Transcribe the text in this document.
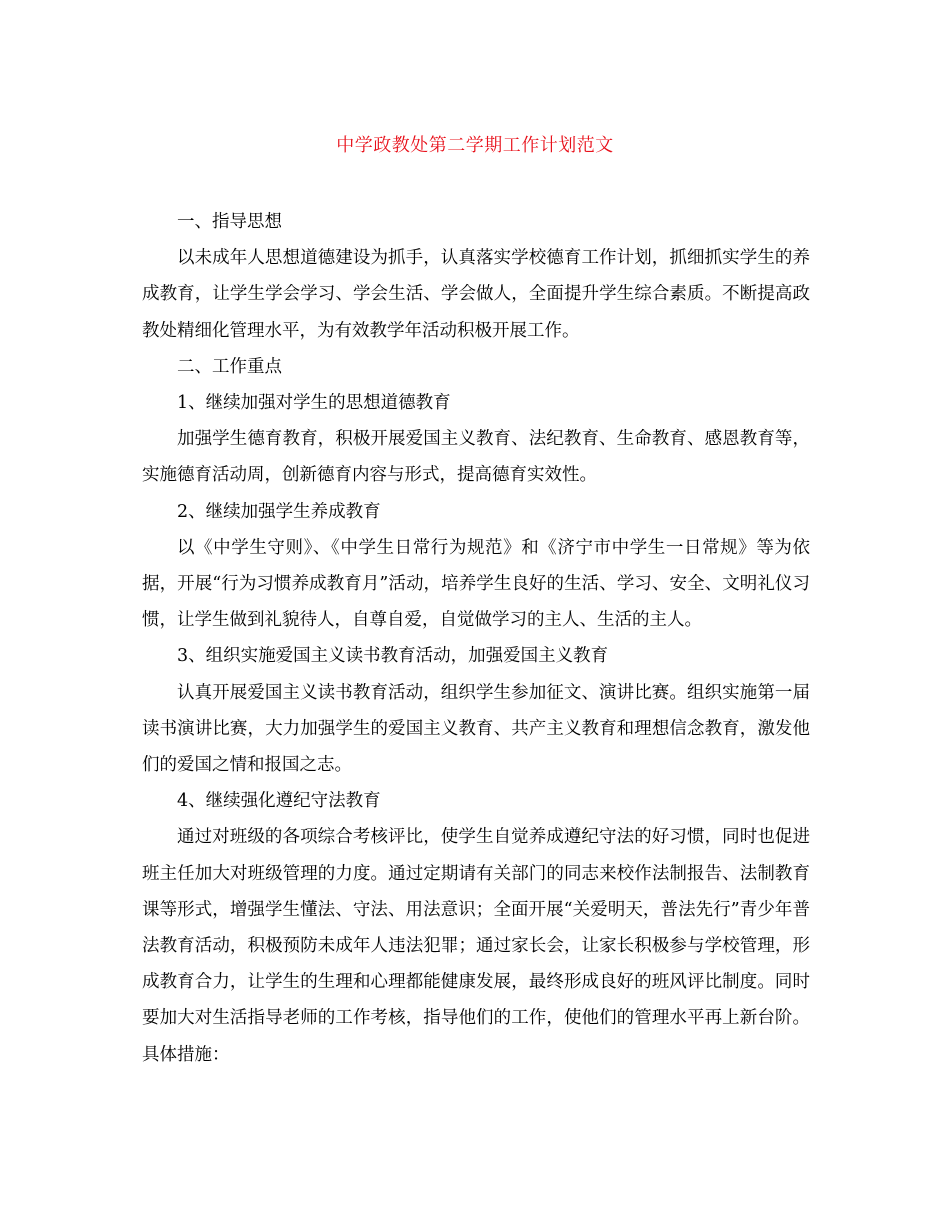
中学政教处第二学期工作计划范文

一、指导思想

以未成年人思想道德建设为抓手，认真落实学校德育工作计划，抓细抓实学生的养成教育，让学生学会学习、学会生活、学会做人，全面提升学生综合素质。不断提高政教处精细化管理水平，为有效教学年活动积极开展工作。

二、工作重点

1、继续加强对学生的思想道德教育

加强学生德育教育，积极开展爱国主义教育、法纪教育、生命教育、感恩教育等，实施德育活动周，创新德育内容与形式，提高德育实效性。

2、继续加强学生养成教育

以《中学生守则》、《中学生日常行为规范》和《济宁市中学生一日常规》等为依据，开展“行为习惯养成教育月”活动，培养学生良好的生活、学习、安全、文明礼仪习惯，让学生做到礼貌待人，自尊自爱，自觉做学习的主人、生活的主人。

3、组织实施爱国主义读书教育活动，加强爱国主义教育

认真开展爱国主义读书教育活动，组织学生参加征文、演讲比赛。组织实施第一届读书演讲比赛，大力加强学生的爱国主义教育、共产主义教育和理想信念教育，激发他们的爱国之情和报国之志。

4、继续强化遵纪守法教育

通过对班级的各项综合考核评比，使学生自觉养成遵纪守法的好习惯，同时也促进班主任加大对班级管理的力度。通过定期请有关部门的同志来校作法制报告、法制教育课等形式，增强学生懂法、守法、用法意识；全面开展“关爱明天，普法先行”青少年普法教育活动，积极预防未成年人违法犯罪；通过家长会，让家长积极参与学校管理，形成教育合力，让学生的生理和心理都能健康发展，最终形成良好的班风评比制度。同时要加大对生活指导老师的工作考核，指导他们的工作，使他们的管理水平再上新台阶。具体措施：
